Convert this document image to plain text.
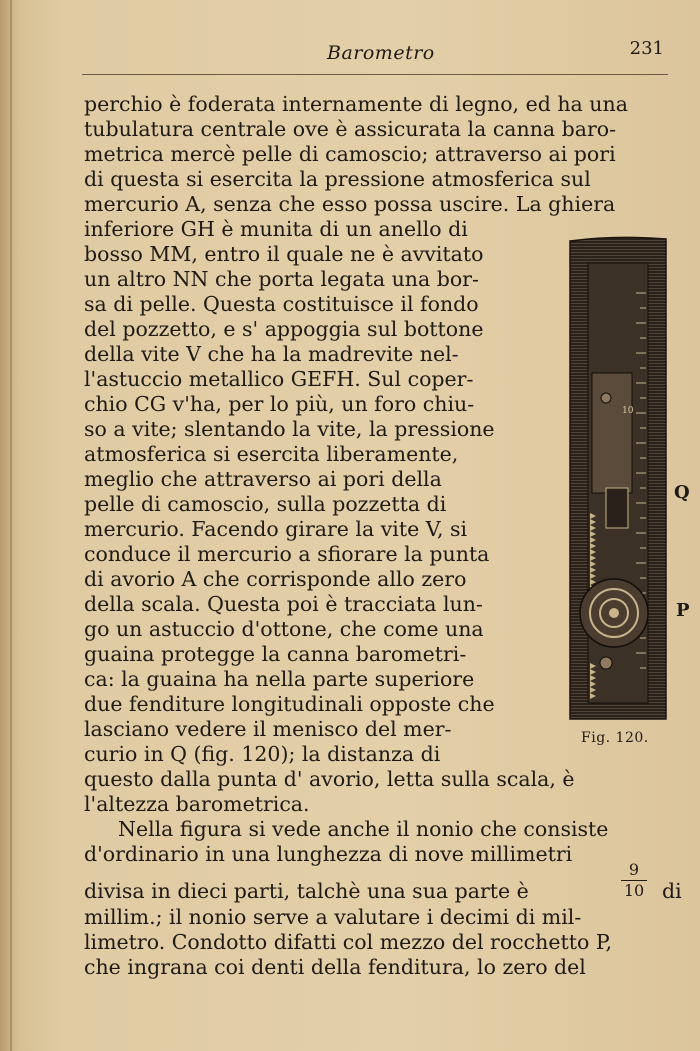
Barometro	231
perchio è foderata internamente di legno, ed ha una
tubulatura centrale ove è assicurata la canna baro-
metrica mercè pelle di camoscio; attraverso ai pori
di questa si esercita la pressione atmosferica sul
mercurio A, senza che esso possa uscire. La ghiera
inferiore GH è munita di un anello di
bosso MM, entro il quale ne è avvitato
un altro NN che porta legata una bor-
sa di pelle. Questa costituisce il fondo
del pozzetto, e s' appoggia sul bottone
della vite V che ha la madrevite nel-
l'astuccio metallico GEFH. Sul coper-
chio CG v'ha, per lo più, un foro chiu-
so a vite; slentando la vite, la pressione
atmosferica si esercita liberamente,
meglio che attraverso ai pori della
pelle di camoscio, sulla pozzetta di
mercurio. Facendo girare la vite V, si
conduce il mercurio a sfiorare la punta
di avorio A che corrisponde allo zero
della scala. Questa poi è tracciata lun-
go un astuccio d'ottone, che come una
guaina protegge la canna barometri-
ca: la guaina ha nella parte superiore
due fenditure longitudinali opposte che
lasciano vedere il menisco del mer-
curio in Q (fig. 120); la distanza di
questo dalla punta d' avorio, letta sulla scala, è
l'altezza barometrica.
Nella figura si vede anche il nonio che consiste
d'ordinario in una lunghezza di nove millimetri
divisa in dieci parti, talchè una sua parte è
9
10 di
millim.; il nonio serve a valutare i decimi di mil-
limetro. Condotto difatti col mezzo del rocchetto P,
che ingrana coi denti della fenditura, lo zero del
10
Q
P
Fig. 120.
